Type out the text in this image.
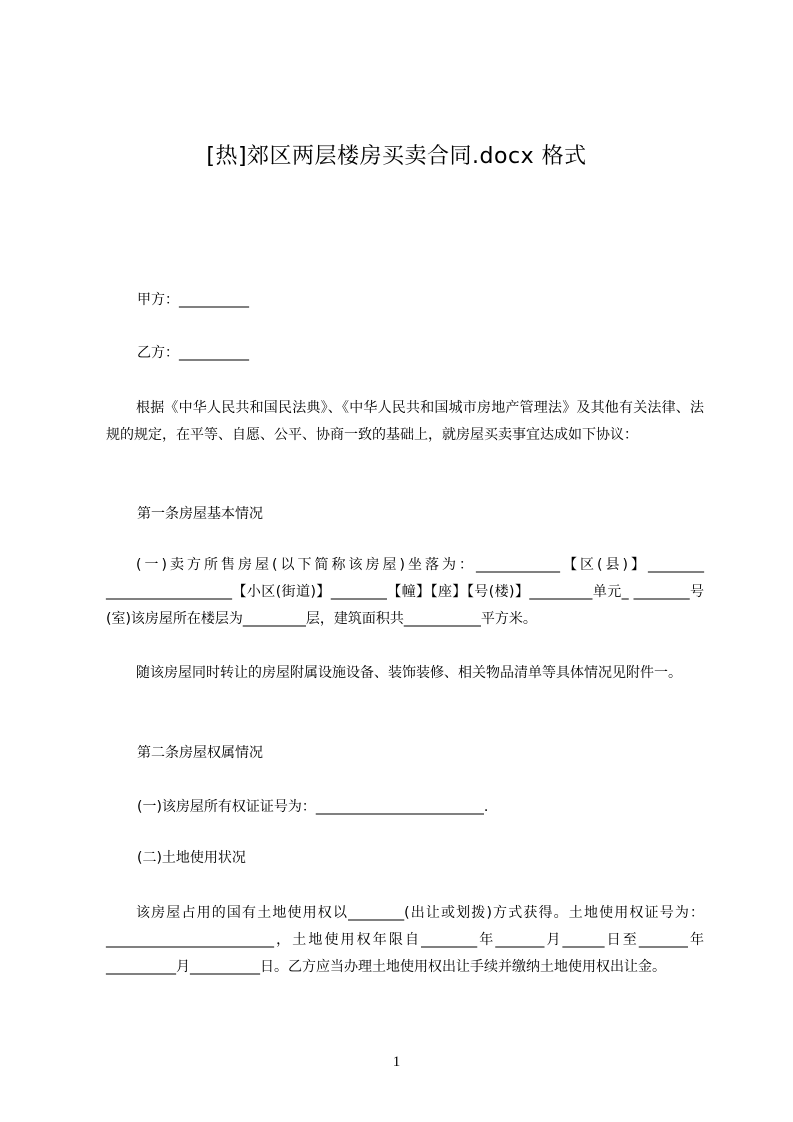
[热]郊区两层楼房买卖合同.docx 格式

甲方：__________

乙方：__________

根据《中华人民共和国民法典》、《中华人民共和国城市房地产管理法》及其他有关法律、法规的规定，在平等、自愿、公平、协商一致的基础上，就房屋买卖事宜达成如下协议：

第一条房屋基本情况

(一)卖方所售房屋(以下简称该房屋)坐落为：____________【区(县)】________ __________________【小区(街道)】________【幢】【座】【号(楼)】_________单元_ ________号(室)该房屋所在楼层为_________层，建筑面积共___________平方米。

随该房屋同时转让的房屋附属设施设备、装饰装修、相关物品清单等具体情况见附件一。

第二条房屋权属情况

(一)该房屋所有权证证号为：________________________.

(二)土地使用状况

该房屋占用的国有土地使用权以________(出让或划拨)方式获得。土地使用权证号为：________________________，土地使用权年限自________年_______月______日至_______年__________月__________日。乙方应当办理土地使用权出让手续并缴纳土地使用权出让金。

1
